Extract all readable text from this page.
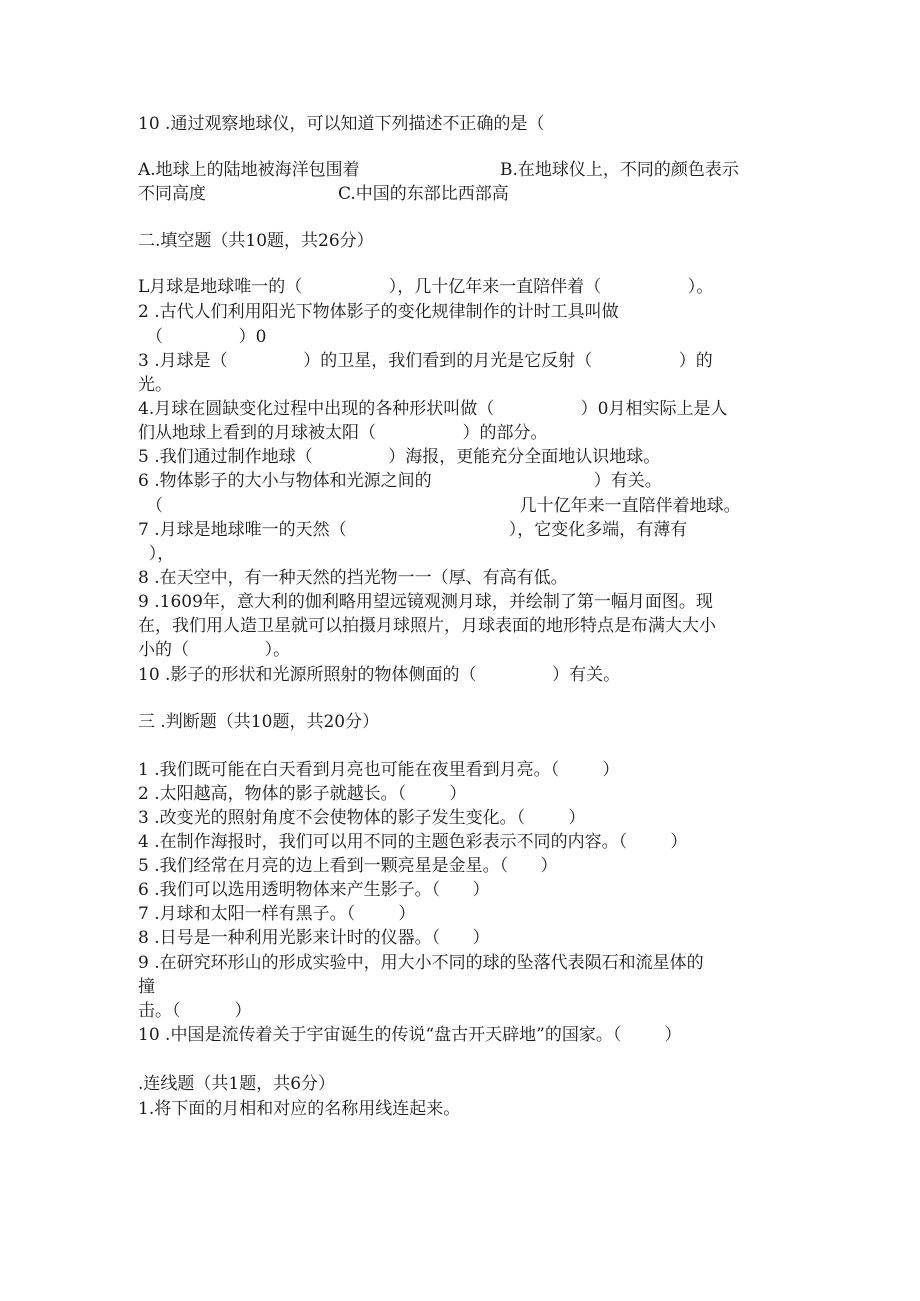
10 .通过观察地球仪，可以知道下列描述不正确的是（
A.地球上的陆地被海洋包围着	B.在地球仪上，不同的颜色表示
不同高度	C.中国的东部比西部高
二.填空题（共10题，共26分）
L月球是地球唯一的（                ），几十亿年来一直陪伴着（                ）。
2 .古代人们利用阳光下物体影子的变化规律制作的计时工具叫做
（              ）0
3 .月球是（              ）的卫星，我们看到的月光是它反射（                ）的
光。
4.月球在圆缺变化过程中出现的各种形状叫做（                ）0月相实际上是人
们从地球上看到的月球被太阳（                ）的部分。
5 .我们通过制作地球（              ）海报，更能充分全面地认识地球。
6 .物体影子的大小与物体和光源之间的                              ）有关。
（                                                                  几十亿年来一直陪伴着地球。
7 .月球是地球唯一的天然（                              ），它变化多端，有薄有
），
8 .在天空中，有一种天然的挡光物一一（厚、有高有低。
9 .1609年，意大利的伽利略用望远镜观测月球，并绘制了第一幅月面图。现
在，我们用人造卫星就可以拍摄月球照片，月球表面的地形特点是布满大大小
小的（              ）。
10 .影子的形状和光源所照射的物体侧面的（              ）有关。
三 .判断题（共10题，共20分）
1 .我们既可能在白天看到月亮也可能在夜里看到月亮。（        ）
2 .太阳越高，物体的影子就越长。（        ）
3 .改变光的照射角度不会使物体的影子发生变化。（        ）
4 .在制作海报时，我们可以用不同的主题色彩表示不同的内容。（        ）
5 .我们经常在月亮的边上看到一颗亮星是金星。（      ）
6 .我们可以选用透明物体来产生影子。（      ）
7 .月球和太阳一样有黑子。（        ）
8 .日号是一种利用光影来计时的仪器。（      ）
9 .在研究环形山的形成实验中，用大小不同的球的坠落代表陨石和流星体的
撞
击。（          ）
10 .中国是流传着关于宇宙诞生的传说“盘古开天辟地”的国家。（        ）
.连线题（共1题，共6分）
1.将下面的月相和对应的名称用线连起来。
